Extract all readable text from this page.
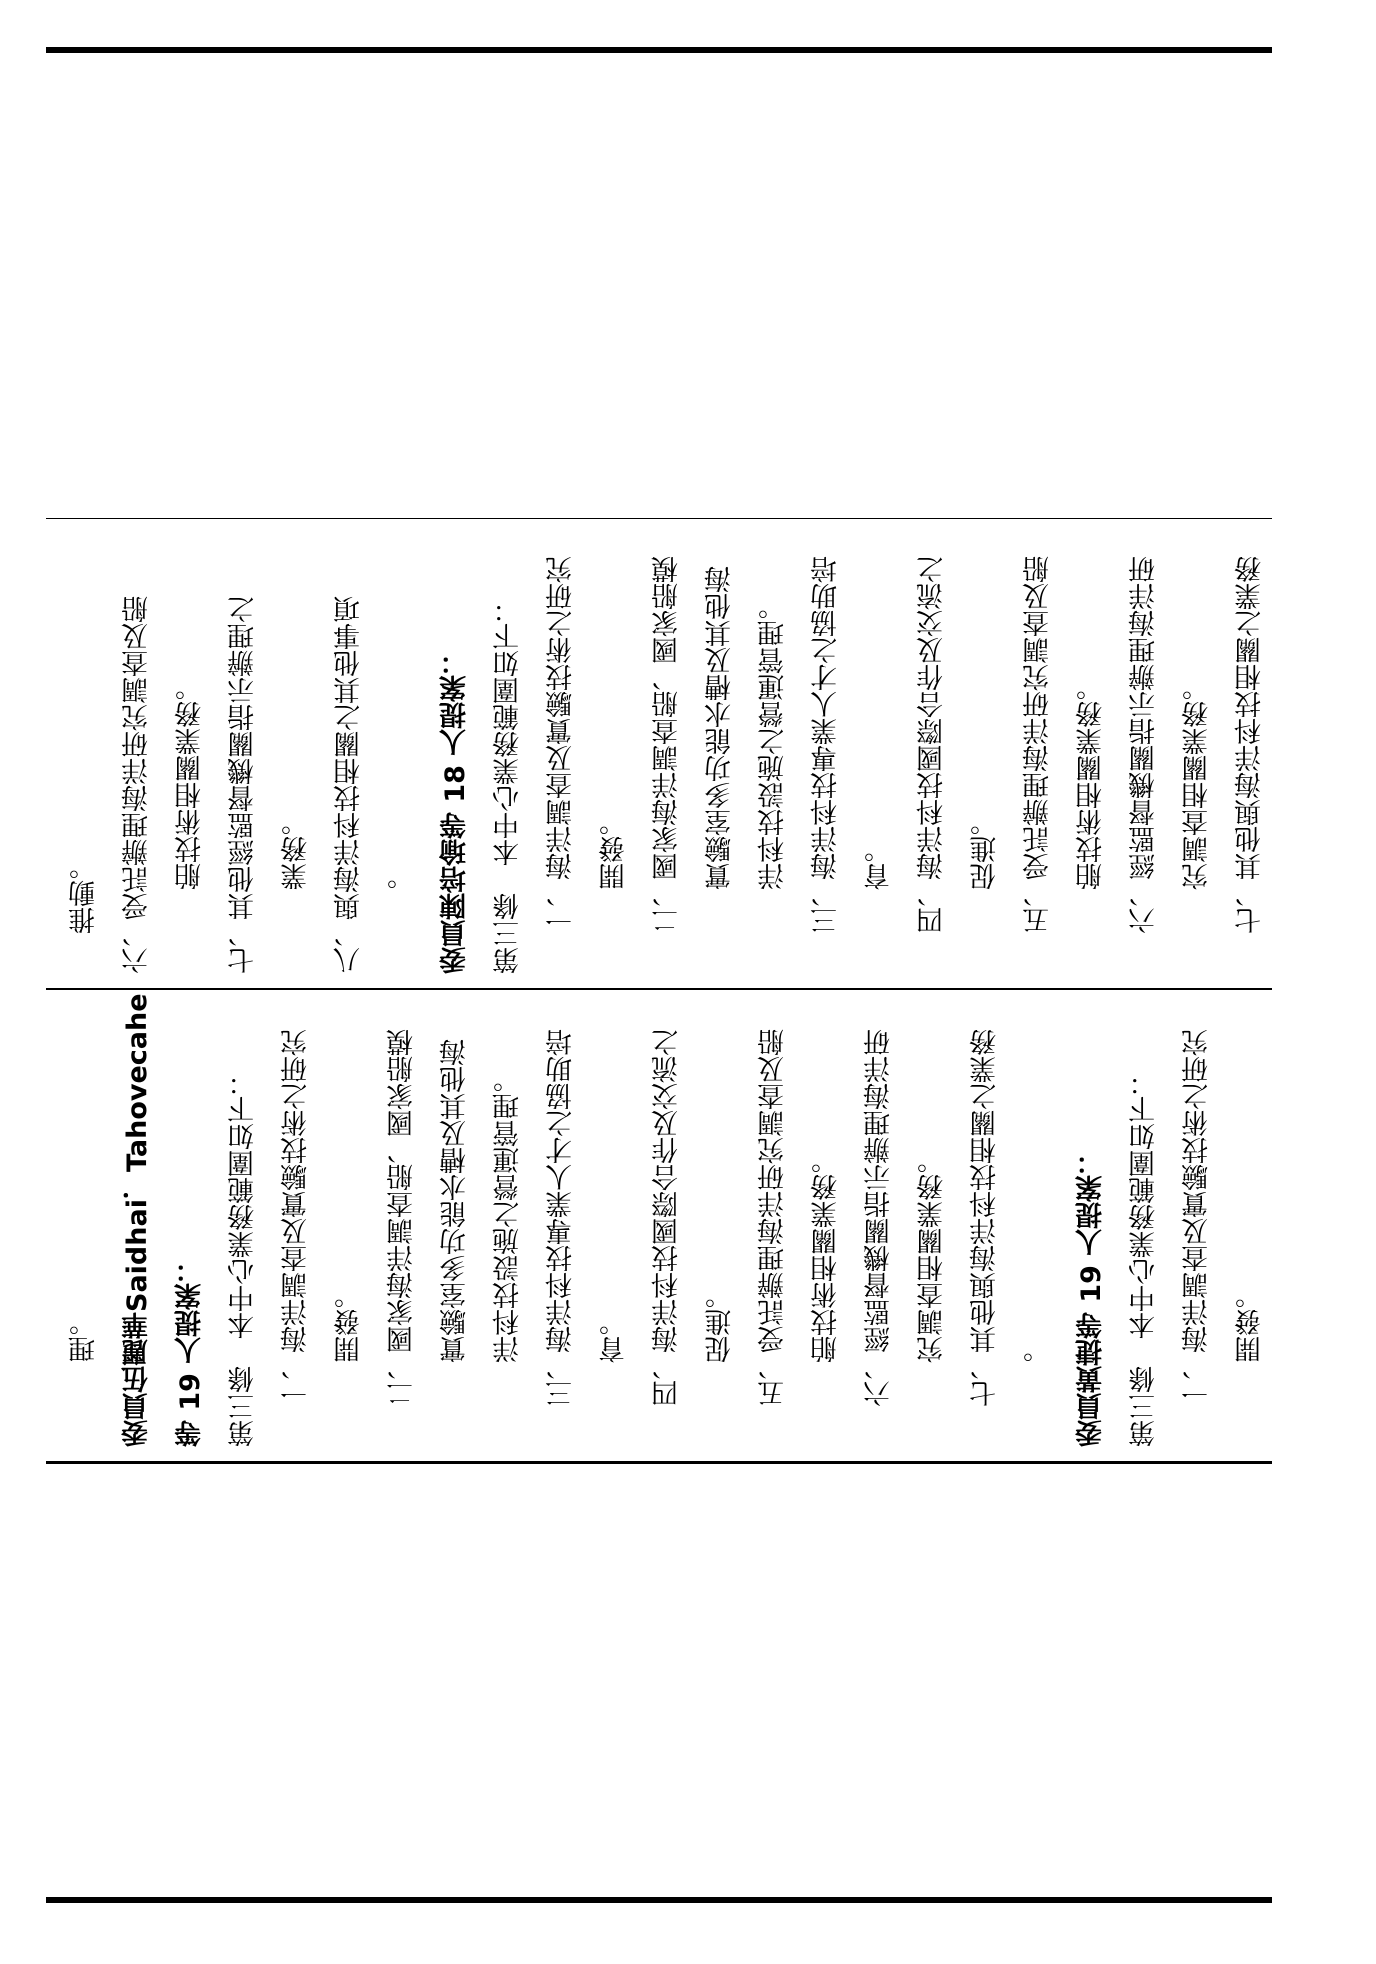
推動。 六、受託辦理海洋研究調查及船 舶技術相關業務。 七、其他經監督機關指示辦理之 業務。 八、與海洋科技相關之其他事項 。 委員陳培瑜等 18 人提案： 第三條　本中心業務範圍如下： 一、海洋調查及實驗技術之研究 開發。 二、國家海洋調查船、國家船模 實驗室多功能水槽及其他海 洋科技設施之營運管理。 三、海洋科技專業人才之協助培 育。 四、海洋科技國際合作及交流之 促進。 五、受託辦理海洋研究調查及船 舶技術相關業務。 六、經監督機關指示辦理海洋研 究調查相關業務。 七、其他與海洋科技相關之業務
理。 委員伍麗華Saidhai．Tahovecahe 等 19 人提案： 第三條　本中心業務範圍如下： 一、海洋調查及實驗技術之研究 開發。 二、國家海洋調查船、國家船模 實驗室多功能水槽及其他海 洋科技設施之營運管理。 三、海洋科技專業人才之協助培 育。 四、海洋科技國際合作及交流之 促進。 五、受託辦理海洋研究調查及船 舶技術相關業務。 六、經監督機關指示辦理海洋研 究調查相關業務。 七、其他與海洋科技相關之業務 。 委員黃捷等 19 人提案： 第三條　本中心業務範圍如下： 一、海洋調查及實驗技術之研究 開發。
